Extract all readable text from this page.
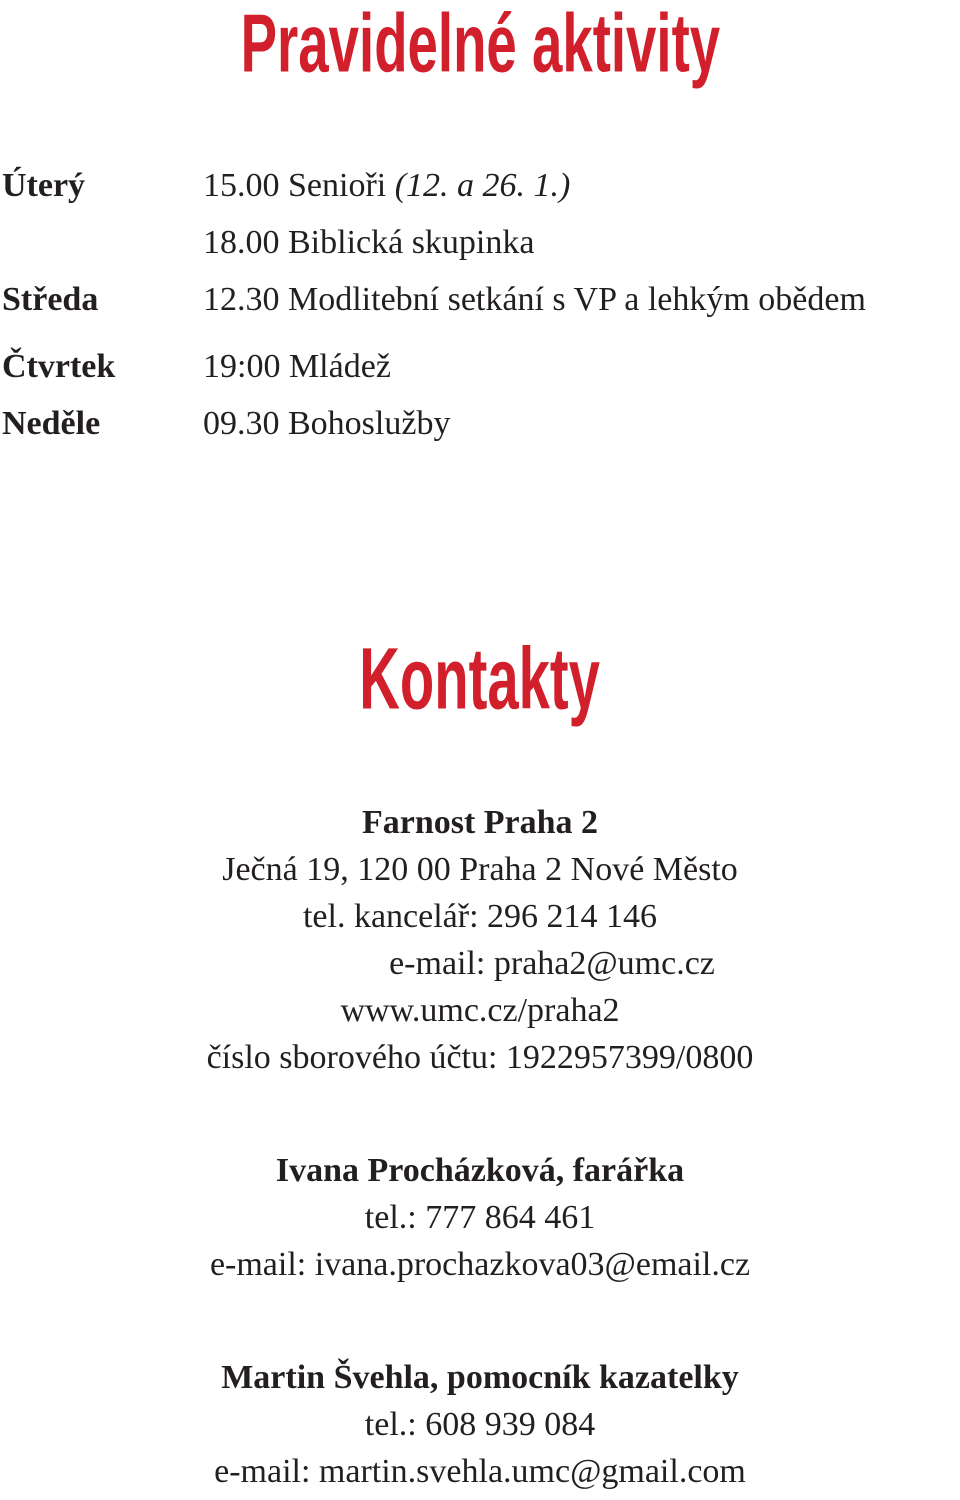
Pravidelné aktivity
Úterý	15.00 Senioři (12. a 26. 1.)
18.00 Biblická skupinka
Středa	12.30 Modlitební setkání s VP a lehkým obědem
Čtvrtek	19:00 Mládež
Neděle	09.30 Bohoslužby
Kontakty
Farnost Praha 2
Ječná 19, 120 00 Praha 2 Nové Město
tel. kancelář: 296 214 146
e-mail: praha2@umc.cz
www.umc.cz/praha2
číslo sborového účtu: 1922957399/0800
Ivana Procházková, farářka
tel.: 777 864 461
e-mail: ivana.prochazkova03@email.cz
Martin Švehla, pomocník kazatelky
tel.: 608 939 084
e-mail: martin.svehla.umc@gmail.com
